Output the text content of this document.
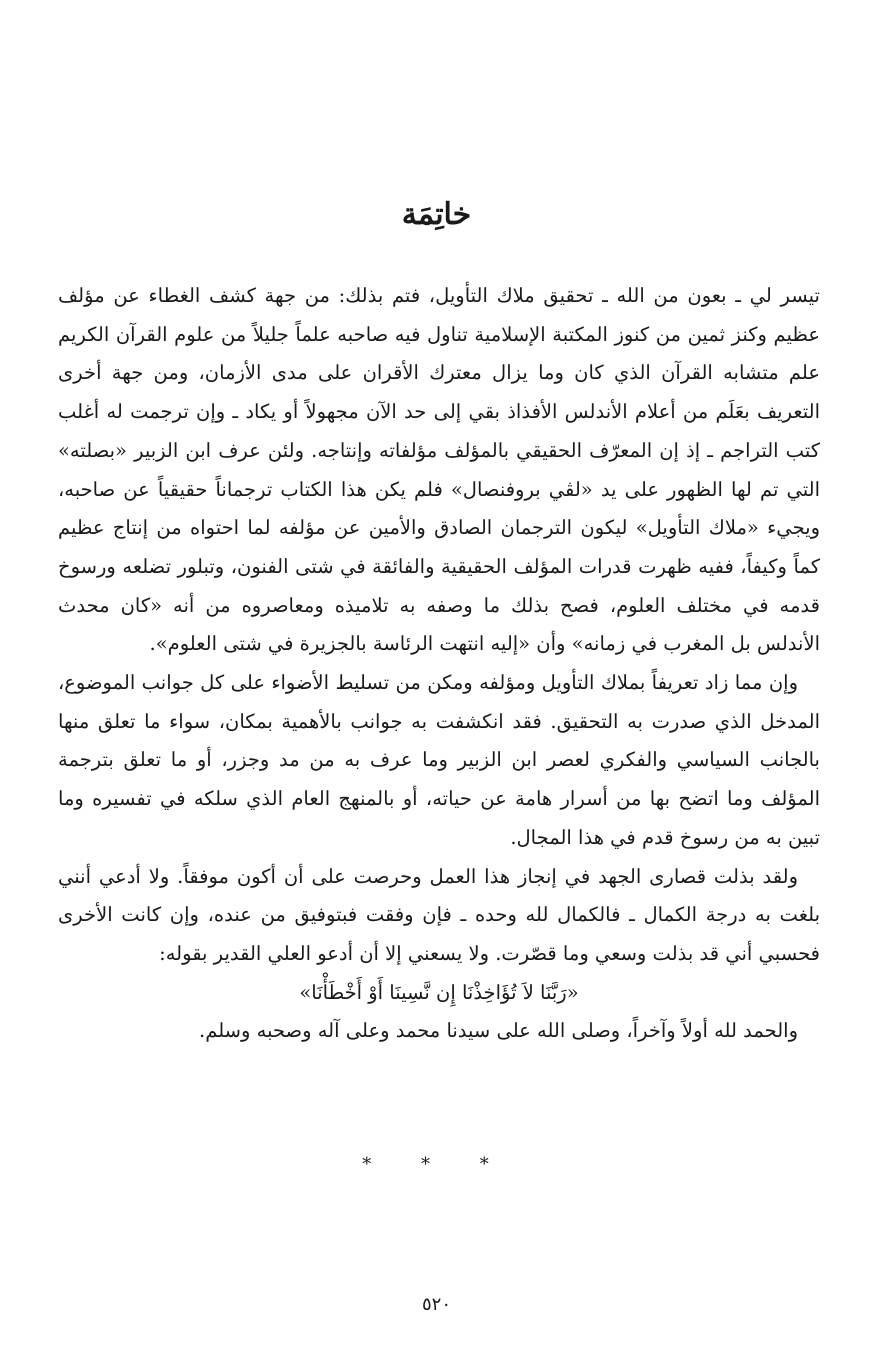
خاتِمَة

تيسر لي ـ بعون من الله ـ تحقيق ملاك التأويل، فتم بذلك: من جهة كشف الغطاء عن مؤلف عظيم وكنز ثمين من كنوز المكتبة الإسلامية تناول فيه صاحبه علماً جليلاً من علوم القرآن الكريم علم متشابه القرآن الذي كان وما يزال معترك الأقران على مدى الأزمان، ومن جهة أخرى التعريف بعَلَم من أعلام الأندلس الأفذاذ بقي إلى حد الآن مجهولاً أو يكاد ـ وإن ترجمت له أغلب كتب التراجم ـ إذ إن المعرّف الحقيقي بالمؤلف مؤلفاته وإنتاجه. ولئن عرف ابن الزبير «بصلته» التي تم لها الظهور على يد «لڤي بروفنصال» فلم يكن هذا الكتاب ترجماناً حقيقياً عن صاحبه، ويجيء «ملاك التأويل» ليكون الترجمان الصادق والأمين عن مؤلفه لما احتواه من إنتاج عظيم كماً وكيفاً، ففيه ظهرت قدرات المؤلف الحقيقية والفائقة في شتى الفنون، وتبلور تضلعه ورسوخ قدمه في مختلف العلوم، فصح بذلك ما وصفه به تلاميذه ومعاصروه من أنه «كان محدث الأندلس بل المغرب في زمانه» وأن «إليه انتهت الرئاسة بالجزيرة في شتى العلوم».

وإن مما زاد تعريفاً بملاك التأويل ومؤلفه ومكن من تسليط الأضواء على كل جوانب الموضوع، المدخل الذي صدرت به التحقيق. فقد انكشفت به جوانب بالأهمية بمكان، سواء ما تعلق منها بالجانب السياسي والفكري لعصر ابن الزبير وما عرف به من مد وجزر، أو ما تعلق بترجمة المؤلف وما اتضح بها من أسرار هامة عن حياته، أو بالمنهج العام الذي سلكه في تفسيره وما تبين به من رسوخ قدم في هذا المجال.

ولقد بذلت قصارى الجهد في إنجاز هذا العمل وحرصت على أن أكون موفقاً. ولا أدعي أنني بلغت به درجة الكمال ـ فالكمال لله وحده ـ فإن وفقت فبتوفيق من عنده، وإن كانت الأخرى فحسبي أني قد بذلت وسعي وما قصّرت. ولا يسعني إلا أن أدعو العلي القدير بقوله:

«رَبَّنَا لاَ تُؤَاخِذْنَا إِن نَّسِينَا أَوْ أَخْطَأْنَا»

والحمد لله أولاً وآخراً، وصلى الله على سيدنا محمد وعلى آله وصحبه وسلم.

* * *
٥٢٠
